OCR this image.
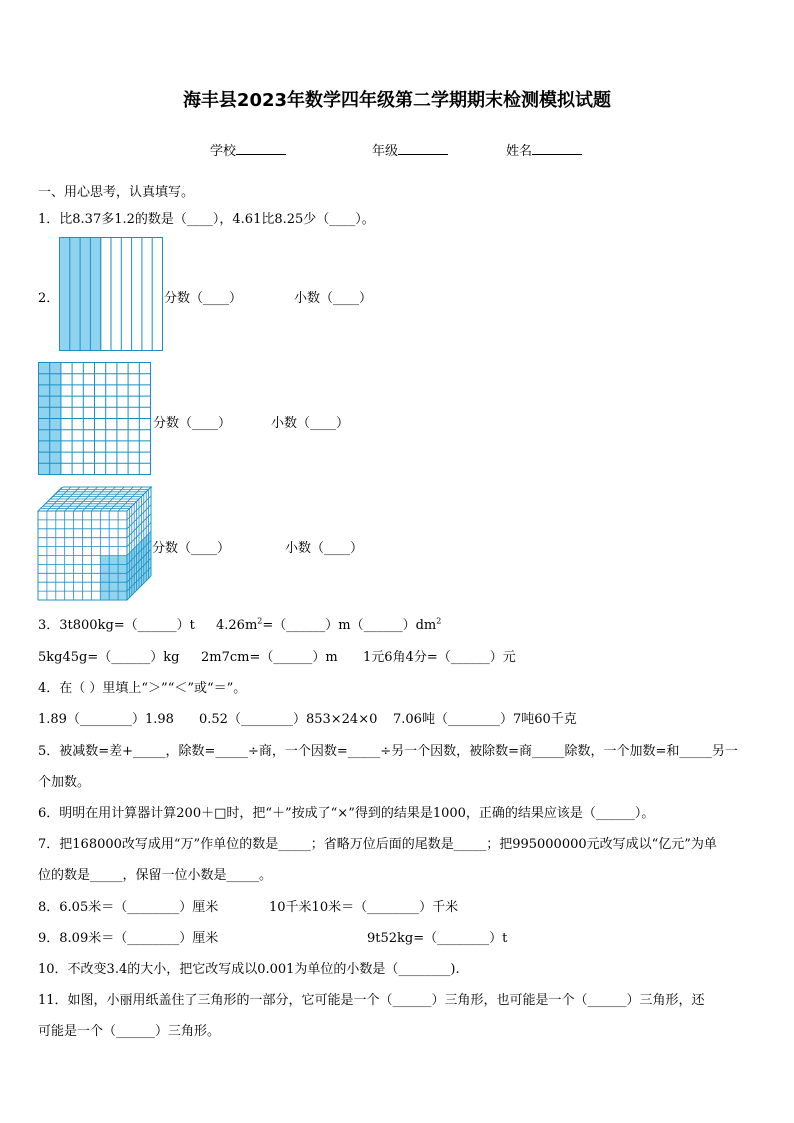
海丰县2023年数学四年级第二学期期末检测模拟试题
学校	年级	姓名
一、用心思考，认真填写。
1．比8.37多1.2的数是（____），4.61比8.25少（____）。
2．	分数（____）	小数（____）
分数（____）	小数（____）
分数（____）	小数（____）
3．3t800kg=（______）t $4.26m^2=(\_\_\_\_\_\_)m(\_\_\_\_\_\_)dm^2$
5kg45g=（______）kg 2m7cm=（______）m 1元6角4分=（______）元
4．在（ ）里填上“＞”“＜”或“＝”。
1.89（________）1.98 0.52（________）853×24×0 7.06吨（________）7吨60千克
5．被减数=差+_____，除数=_____÷商，一个因数=_____÷另一个因数，被除数=商_____除数，一个加数=和_____另一
个加数。
6．明明在用计算器计算200＋□时，把“＋”按成了“×”得到的结果是1000，正确的结果应该是（______）。
7．把168000改写成用“万”作单位的数是_____；省略万位后面的尾数是_____；把995000000元改写成以“亿元”为单
位的数是_____，保留一位小数是_____。
8．6.05米＝（________）厘米	10千米10米＝（________）千米
9．8.09米＝（________）厘米	9t52kg=（________）t
10．不改变3.4的大小，把它改写成以0.001为单位的小数是（________).
11．如图，小丽用纸盖住了三角形的一部分，它可能是一个（______）三角形，也可能是一个（______）三角形，还
可能是一个（______）三角形。
